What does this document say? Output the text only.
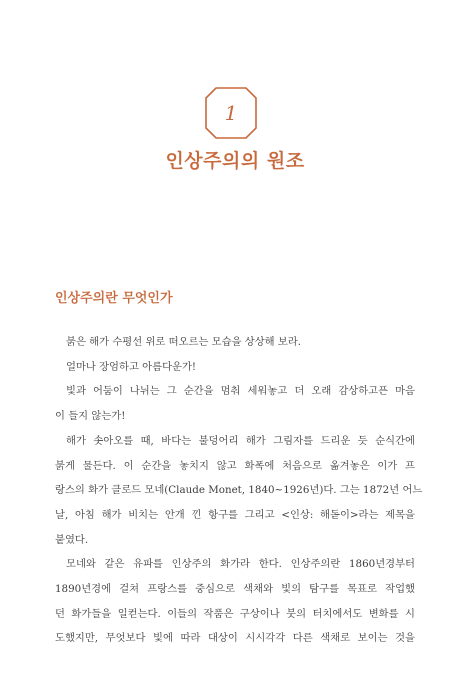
1
인상주의의 원조
인상주의란 무엇인가
붉은 해가 수평선 위로 떠오르는 모습을 상상해 보라.
얼마나 장엄하고 아름다운가!
빛과 어둠이 나뉘는 그 순간을 멈춰 세워놓고 더 오래 감상하고픈 마음
이 들지 않는가!
해가 솟아오를 때, 바다는 불덩어리 해가 그림자를 드리운 듯 순식간에
붉게 물든다. 이 순간을 놓치지 않고 화폭에 처음으로 옮겨놓은 이가 프
랑스의 화가 클로드 모네(Claude Monet, 1840~1926년)다. 그는 1872년 어느
날, 아침 해가 비치는 안개 낀 항구를 그리고 <인상: 해돋이>라는 제목을
붙였다.
모네와 같은 유파를 인상주의 화가라 한다. 인상주의란 1860년경부터
1890년경에 걸쳐 프랑스를 중심으로 색채와 빛의 탐구를 목표로 작업했
던 화가들을 일컫는다. 이들의 작품은 구상이나 붓의 터치에서도 변화를 시
도했지만, 무엇보다 빛에 따라 대상이 시시각각 다른 색채로 보이는 것을
